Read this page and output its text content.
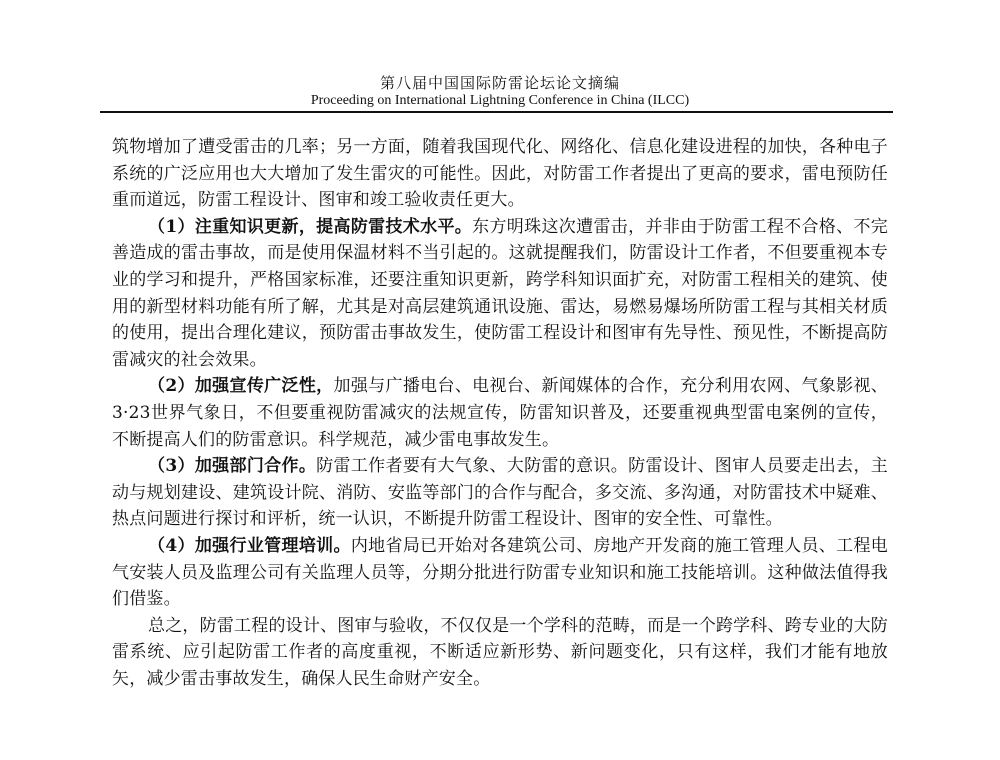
第八届中国国际防雷论坛论文摘编
Proceeding on International Lightning Conference in China (ILCC)

筑物增加了遭受雷击的几率；另一方面，随着我国现代化、网络化、信息化建设进程的加快，各种电子系统的广泛应用也大大增加了发生雷灾的可能性。因此，对防雷工作者提出了更高的要求，雷电预防任重而道远，防雷工程设计、图审和竣工验收责任更大。

（1）注重知识更新，提高防雷技术水平。东方明珠这次遭雷击，并非由于防雷工程不合格、不完善造成的雷击事故，而是使用保温材料不当引起的。这就提醒我们，防雷设计工作者，不但要重视本专业的学习和提升，严格国家标准，还要注重知识更新，跨学科知识面扩充，对防雷工程相关的建筑、使用的新型材料功能有所了解，尤其是对高层建筑通讯设施、雷达，易燃易爆场所防雷工程与其相关材质的使用，提出合理化建议，预防雷击事故发生，使防雷工程设计和图审有先导性、预见性，不断提高防雷减灾的社会效果。

（2）加强宣传广泛性，加强与广播电台、电视台、新闻媒体的合作，充分利用农网、气象影视、3·23世界气象日，不但要重视防雷减灾的法规宣传，防雷知识普及，还要重视典型雷电案例的宣传，不断提高人们的防雷意识。科学规范，减少雷电事故发生。

（3）加强部门合作。防雷工作者要有大气象、大防雷的意识。防雷设计、图审人员要走出去，主动与规划建设、建筑设计院、消防、安监等部门的合作与配合，多交流、多沟通，对防雷技术中疑难、热点问题进行探讨和评析，统一认识，不断提升防雷工程设计、图审的安全性、可靠性。

（4）加强行业管理培训。内地省局已开始对各建筑公司、房地产开发商的施工管理人员、工程电气安装人员及监理公司有关监理人员等，分期分批进行防雷专业知识和施工技能培训。这种做法值得我们借鉴。

总之，防雷工程的设计、图审与验收，不仅仅是一个学科的范畴，而是一个跨学科、跨专业的大防雷系统、应引起防雷工作者的高度重视，不断适应新形势、新问题变化，只有这样，我们才能有地放矢，减少雷击事故发生，确保人民生命财产安全。
